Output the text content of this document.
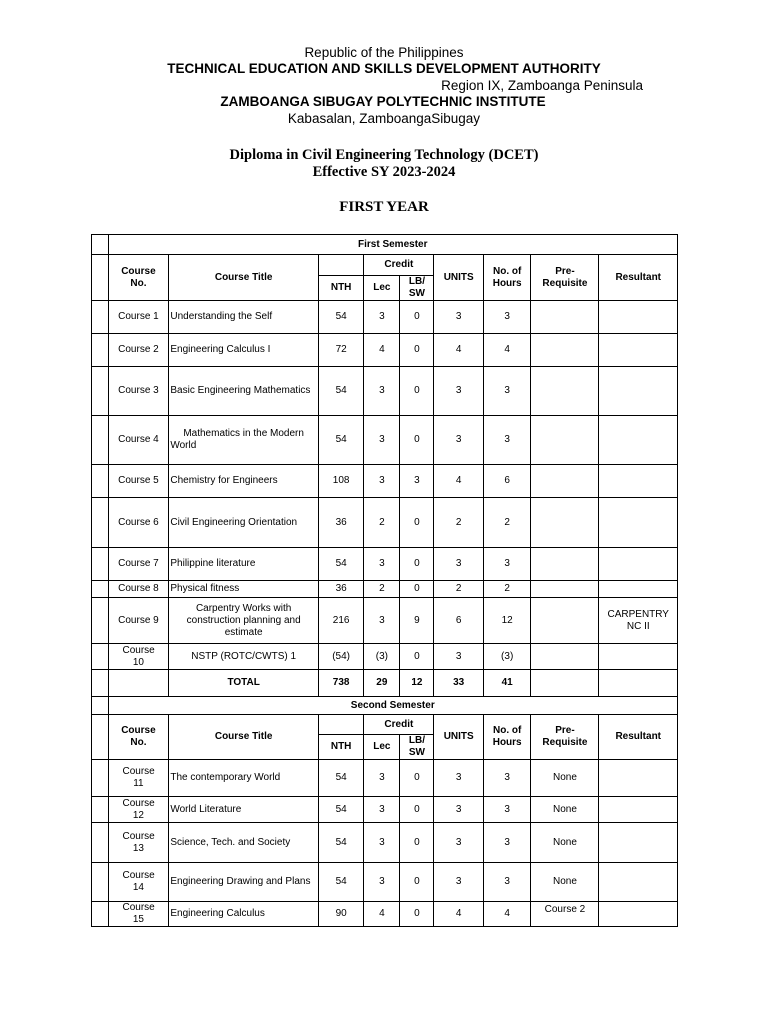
Republic of the Philippines
TECHNICAL EDUCATION AND SKILLS DEVELOPMENT AUTHORITY
Region IX, Zamboanga Peninsula
ZAMBOANGA SIBUGAY POLYTECHNIC INSTITUTE
Kabasalan, ZamboangaSibugay
Diploma in Civil Engineering Technology (DCET)
Effective SY 2023-2024
FIRST YEAR
	First Semester								

	Course
No.	Course Title		Credit		UNITS	No. of
Hours	Pre-
Requisite	Resultant
			NTH	Lec	LB/
SW				

	Course 1	Understanding the Self	54	3	0	3	3		
	Course 2	Engineering Calculus I	72	4	0	4	4		
	Course 3	Basic Engineering Mathematics	54	3	0	3	3		
	Course 4	Mathematics in the Modern World	54	3	0	3	3		
	Course 5	Chemistry for Engineers	108	3	3	4	6		
	Course 6	Civil Engineering Orientation	36	2	0	2	2		
	Course 7	Philippine literature	54	3	0	3	3		
	Course 8	Physical fitness	36	2	0	2	2		
	Course 9	Carpentry Works with construction planning and estimate	216	3	9	6	12		CARPENTRY NC II
	Course 10	NSTP (ROTC/CWTS) 1	(54)	(3)	0	3	(3)		
		TOTAL	738	29	12	33	41		
	Second Semester								

	Course
No.	Course Title		Credit		UNITS	No. of
Hours	Pre-
Requisite	Resultant
			NTH	Lec	LB/
SW				

	Course 11	The contemporary World	54	3	0	3	3	None	
	Course 12	World Literature	54	3	0	3	3	None	
	Course 13	Science, Tech. and Society	54	3	0	3	3	None	
	Course 14	Engineering Drawing and Plans	54	3	0	3	3	None	
	Course 15	Engineering Calculus	90	4	0	4	4	Course 2	
